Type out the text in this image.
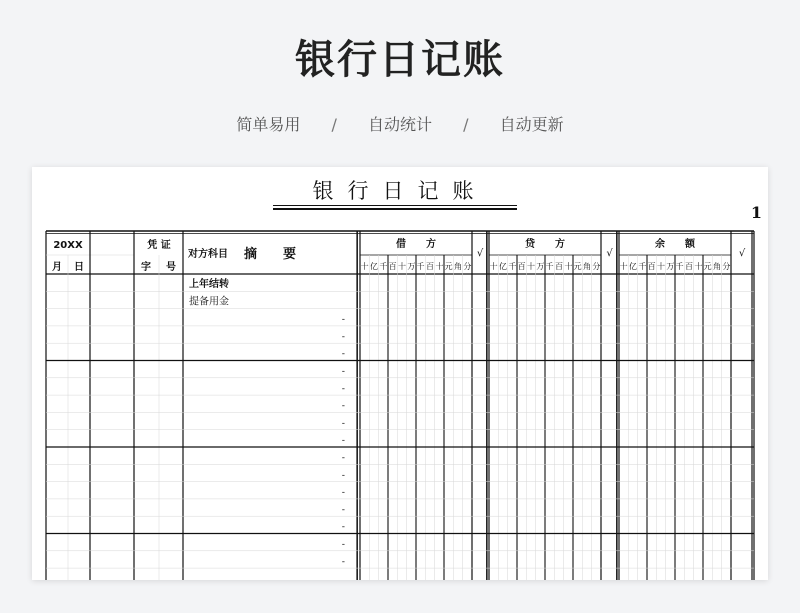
银行日记账
简单易用 / 自动统计 / 自动更新
银行日记账
1
借　　方
十 亿 千 百 十 万 千 百 十 元 角 分
贷　　方
十 亿 千 百 十 万 千 百 十 元 角 分
余　　额
十 亿 千 百 十 万 千 百 十 元 角 分
√	√	√
20XX
月 日
凭 证
字 号
对方科目 摘　　要
上年结转
提备用金
-
-
-
-
-
-
-
-
-
-
-
-
-
-
-
